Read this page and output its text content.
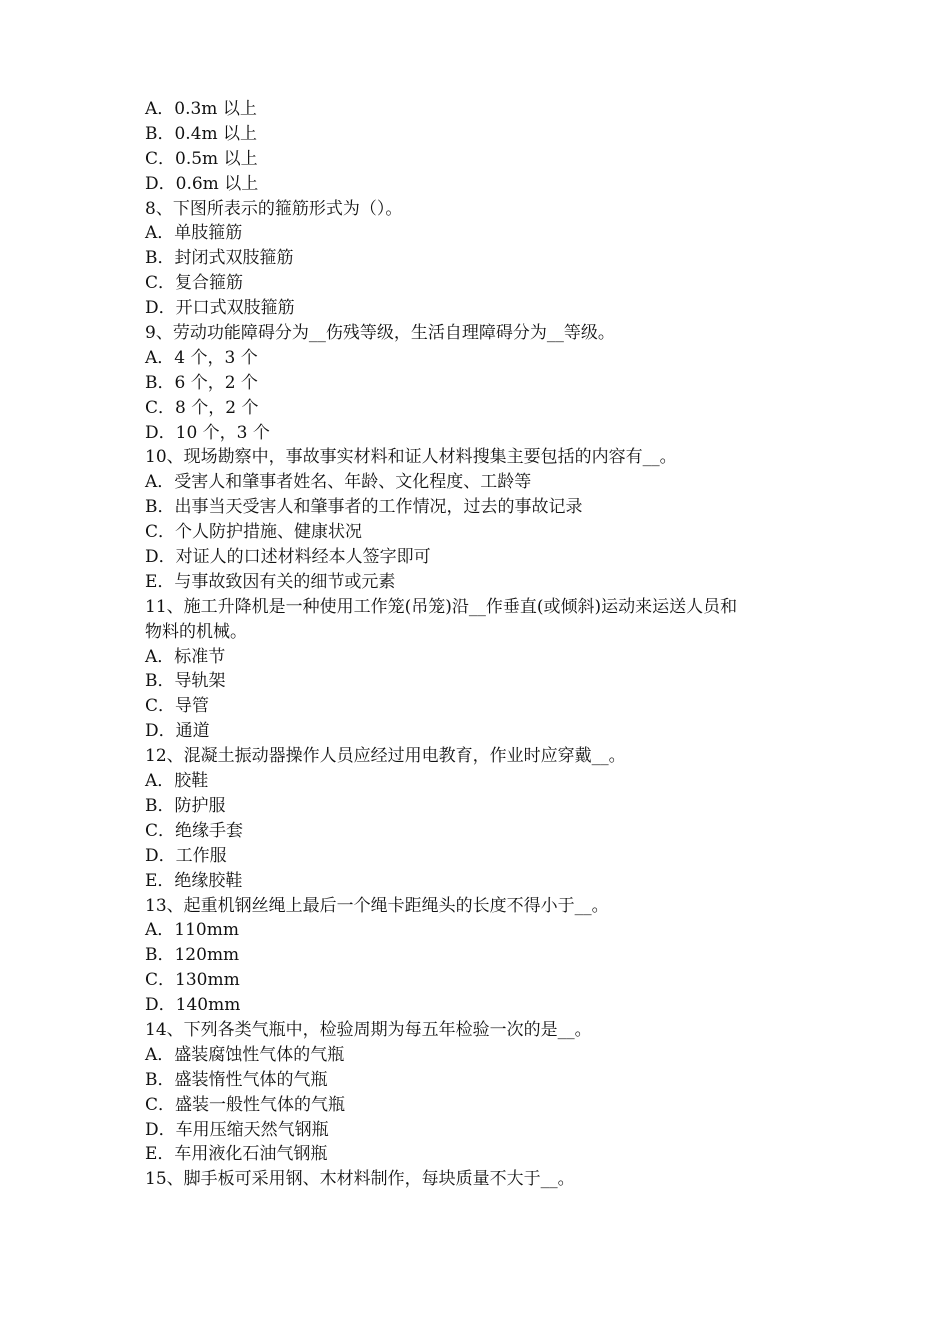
A．0.3m 以上
B．0.4m 以上
C．0.5m 以上
D．0.6m 以上
8、下图所表示的箍筋形式为（）。
A．单肢箍筋
B．封闭式双肢箍筋
C．复合箍筋
D．开口式双肢箍筋
9、劳动功能障碍分为__伤残等级，生活自理障碍分为__等级。
A．4 个，3 个
B．6 个，2 个
C．8 个，2 个
D．10 个，3 个
10、现场勘察中，事故事实材料和证人材料搜集主要包括的内容有__。
A．受害人和肇事者姓名、年龄、文化程度、工龄等
B．出事当天受害人和肇事者的工作情况，过去的事故记录
C．个人防护措施、健康状况
D．对证人的口述材料经本人签字即可
E．与事故致因有关的细节或元素
11、施工升降机是一种使用工作笼(吊笼)沿__作垂直(或倾斜)运动来运送人员和
物料的机械。
A．标准节
B．导轨架
C．导管
D．通道
12、混凝土振动器操作人员应经过用电教育，作业时应穿戴__。
A．胶鞋
B．防护服
C．绝缘手套
D．工作服
E．绝缘胶鞋
13、起重机钢丝绳上最后一个绳卡距绳头的长度不得小于__。
A．110mm
B．120mm
C．130mm
D．140mm
14、下列各类气瓶中，检验周期为每五年检验一次的是__。
A．盛装腐蚀性气体的气瓶
B．盛装惰性气体的气瓶
C．盛装一般性气体的气瓶
D．车用压缩天然气钢瓶
E．车用液化石油气钢瓶
15、脚手板可采用钢、木材料制作，每块质量不大于__。
